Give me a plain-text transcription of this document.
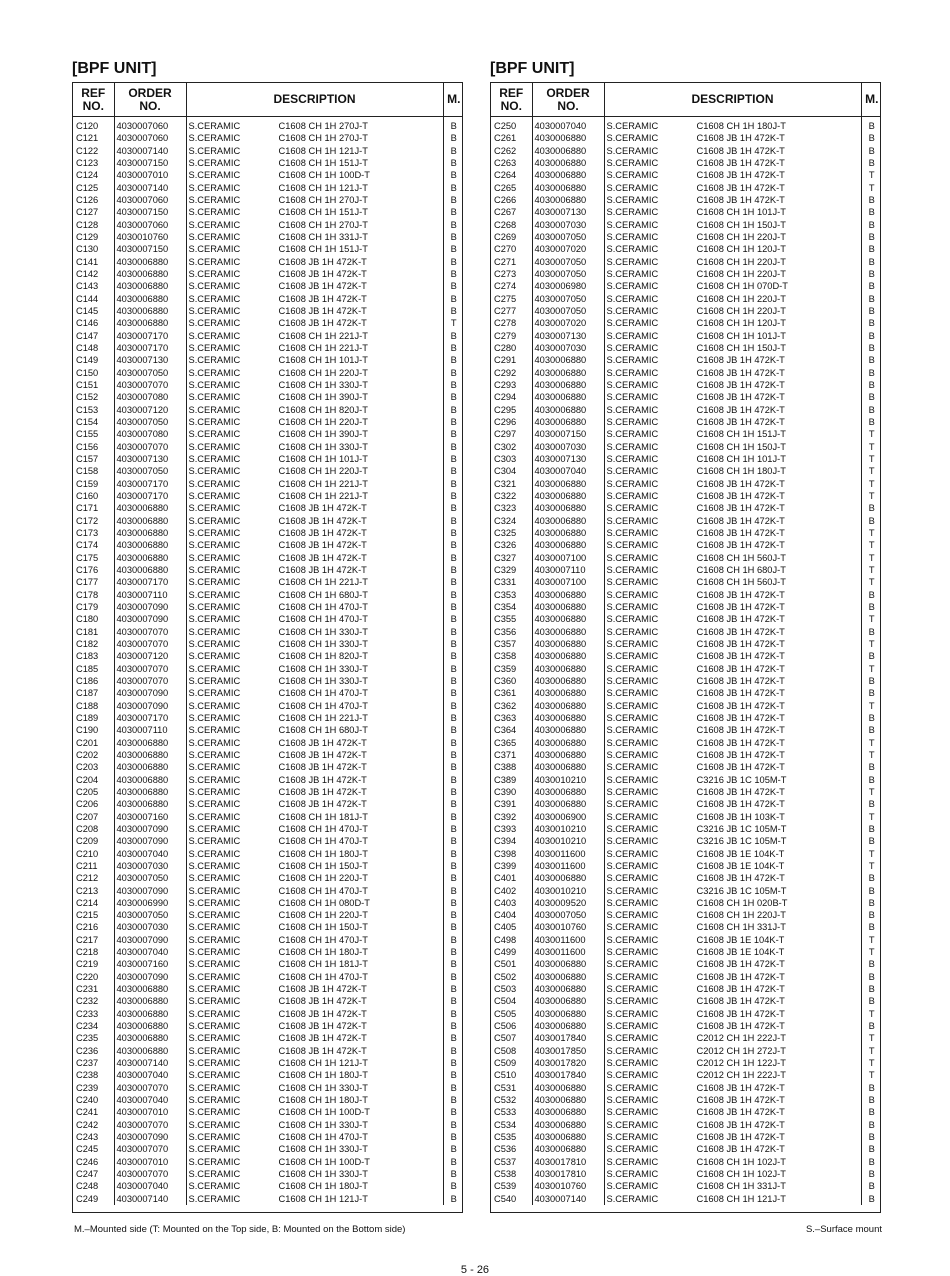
[BPF UNIT]	[BPF UNIT]
REF
NO.	ORDER
NO.	DESCRIPTION	M.
C120	4030007060	S.CERAMIC C1608 CH 1H 270J-T	B
C121	4030007060	S.CERAMIC C1608 CH 1H 270J-T	B
C122	4030007140	S.CERAMIC C1608 CH 1H 121J-T	B
C123	4030007150	S.CERAMIC C1608 CH 1H 151J-T	B
C124	4030007010	S.CERAMIC C1608 CH 1H 100D-T	B
C125	4030007140	S.CERAMIC C1608 CH 1H 121J-T	B
C126	4030007060	S.CERAMIC C1608 CH 1H 270J-T	B
C127	4030007150	S.CERAMIC C1608 CH 1H 151J-T	B
C128	4030007060	S.CERAMIC C1608 CH 1H 270J-T	B
C129	4030010760	S.CERAMIC C1608 CH 1H 331J-T	B
C130	4030007150	S.CERAMIC C1608 CH 1H 151J-T	B
C141	4030006880	S.CERAMIC C1608 JB 1H 472K-T	B
C142	4030006880	S.CERAMIC C1608 JB 1H 472K-T	B
C143	4030006880	S.CERAMIC C1608 JB 1H 472K-T	B
C144	4030006880	S.CERAMIC C1608 JB 1H 472K-T	B
C145	4030006880	S.CERAMIC C1608 JB 1H 472K-T	B
C146	4030006880	S.CERAMIC C1608 JB 1H 472K-T	T
C147	4030007170	S.CERAMIC C1608 CH 1H 221J-T	B
C148	4030007170	S.CERAMIC C1608 CH 1H 221J-T	B
C149	4030007130	S.CERAMIC C1608 CH 1H 101J-T	B
C150	4030007050	S.CERAMIC C1608 CH 1H 220J-T	B
C151	4030007070	S.CERAMIC C1608 CH 1H 330J-T	B
C152	4030007080	S.CERAMIC C1608 CH 1H 390J-T	B
C153	4030007120	S.CERAMIC C1608 CH 1H 820J-T	B
C154	4030007050	S.CERAMIC C1608 CH 1H 220J-T	B
C155	4030007080	S.CERAMIC C1608 CH 1H 390J-T	B
C156	4030007070	S.CERAMIC C1608 CH 1H 330J-T	B
C157	4030007130	S.CERAMIC C1608 CH 1H 101J-T	B
C158	4030007050	S.CERAMIC C1608 CH 1H 220J-T	B
C159	4030007170	S.CERAMIC C1608 CH 1H 221J-T	B
C160	4030007170	S.CERAMIC C1608 CH 1H 221J-T	B
C171	4030006880	S.CERAMIC C1608 JB 1H 472K-T	B
C172	4030006880	S.CERAMIC C1608 JB 1H 472K-T	B
C173	4030006880	S.CERAMIC C1608 JB 1H 472K-T	B
C174	4030006880	S.CERAMIC C1608 JB 1H 472K-T	B
C175	4030006880	S.CERAMIC C1608 JB 1H 472K-T	B
C176	4030006880	S.CERAMIC C1608 JB 1H 472K-T	B
C177	4030007170	S.CERAMIC C1608 CH 1H 221J-T	B
C178	4030007110	S.CERAMIC C1608 CH 1H 680J-T	B
C179	4030007090	S.CERAMIC C1608 CH 1H 470J-T	B
C180	4030007090	S.CERAMIC C1608 CH 1H 470J-T	B
C181	4030007070	S.CERAMIC C1608 CH 1H 330J-T	B
C182	4030007070	S.CERAMIC C1608 CH 1H 330J-T	B
C183	4030007120	S.CERAMIC C1608 CH 1H 820J-T	B
C185	4030007070	S.CERAMIC C1608 CH 1H 330J-T	B
C186	4030007070	S.CERAMIC C1608 CH 1H 330J-T	B
C187	4030007090	S.CERAMIC C1608 CH 1H 470J-T	B
C188	4030007090	S.CERAMIC C1608 CH 1H 470J-T	B
C189	4030007170	S.CERAMIC C1608 CH 1H 221J-T	B
C190	4030007110	S.CERAMIC C1608 CH 1H 680J-T	B
C201	4030006880	S.CERAMIC C1608 JB 1H 472K-T	B
C202	4030006880	S.CERAMIC C1608 JB 1H 472K-T	B
C203	4030006880	S.CERAMIC C1608 JB 1H 472K-T	B
C204	4030006880	S.CERAMIC C1608 JB 1H 472K-T	B
C205	4030006880	S.CERAMIC C1608 JB 1H 472K-T	B
C206	4030006880	S.CERAMIC C1608 JB 1H 472K-T	B
C207	4030007160	S.CERAMIC C1608 CH 1H 181J-T	B
C208	4030007090	S.CERAMIC C1608 CH 1H 470J-T	B
C209	4030007090	S.CERAMIC C1608 CH 1H 470J-T	B
C210	4030007040	S.CERAMIC C1608 CH 1H 180J-T	B
C211	4030007030	S.CERAMIC C1608 CH 1H 150J-T	B
C212	4030007050	S.CERAMIC C1608 CH 1H 220J-T	B
C213	4030007090	S.CERAMIC C1608 CH 1H 470J-T	B
C214	4030006990	S.CERAMIC C1608 CH 1H 080D-T	B
C215	4030007050	S.CERAMIC C1608 CH 1H 220J-T	B
C216	4030007030	S.CERAMIC C1608 CH 1H 150J-T	B
C217	4030007090	S.CERAMIC C1608 CH 1H 470J-T	B
C218	4030007040	S.CERAMIC C1608 CH 1H 180J-T	B
C219	4030007160	S.CERAMIC C1608 CH 1H 181J-T	B
C220	4030007090	S.CERAMIC C1608 CH 1H 470J-T	B
C231	4030006880	S.CERAMIC C1608 JB 1H 472K-T	B
C232	4030006880	S.CERAMIC C1608 JB 1H 472K-T	B
C233	4030006880	S.CERAMIC C1608 JB 1H 472K-T	B
C234	4030006880	S.CERAMIC C1608 JB 1H 472K-T	B
C235	4030006880	S.CERAMIC C1608 JB 1H 472K-T	B
C236	4030006880	S.CERAMIC C1608 JB 1H 472K-T	B
C237	4030007140	S.CERAMIC C1608 CH 1H 121J-T	B
C238	4030007040	S.CERAMIC C1608 CH 1H 180J-T	B
C239	4030007070	S.CERAMIC C1608 CH 1H 330J-T	B
C240	4030007040	S.CERAMIC C1608 CH 1H 180J-T	B
C241	4030007010	S.CERAMIC C1608 CH 1H 100D-T	B
C242	4030007070	S.CERAMIC C1608 CH 1H 330J-T	B
C243	4030007090	S.CERAMIC C1608 CH 1H 470J-T	B
C245	4030007070	S.CERAMIC C1608 CH 1H 330J-T	B
C246	4030007010	S.CERAMIC C1608 CH 1H 100D-T	B
C247	4030007070	S.CERAMIC C1608 CH 1H 330J-T	B
C248	4030007040	S.CERAMIC C1608 CH 1H 180J-T	B
C249	4030007140	S.CERAMIC C1608 CH 1H 121J-T	B
REF
NO.	ORDER
NO.	DESCRIPTION	M.
C250	4030007040	S.CERAMIC C1608 CH 1H 180J-T	B
C261	4030006880	S.CERAMIC C1608 JB 1H 472K-T	B
C262	4030006880	S.CERAMIC C1608 JB 1H 472K-T	B
C263	4030006880	S.CERAMIC C1608 JB 1H 472K-T	B
C264	4030006880	S.CERAMIC C1608 JB 1H 472K-T	T
C265	4030006880	S.CERAMIC C1608 JB 1H 472K-T	T
C266	4030006880	S.CERAMIC C1608 JB 1H 472K-T	B
C267	4030007130	S.CERAMIC C1608 CH 1H 101J-T	B
C268	4030007030	S.CERAMIC C1608 CH 1H 150J-T	B
C269	4030007050	S.CERAMIC C1608 CH 1H 220J-T	B
C270	4030007020	S.CERAMIC C1608 CH 1H 120J-T	B
C271	4030007050	S.CERAMIC C1608 CH 1H 220J-T	B
C273	4030007050	S.CERAMIC C1608 CH 1H 220J-T	B
C274	4030006980	S.CERAMIC C1608 CH 1H 070D-T	B
C275	4030007050	S.CERAMIC C1608 CH 1H 220J-T	B
C277	4030007050	S.CERAMIC C1608 CH 1H 220J-T	B
C278	4030007020	S.CERAMIC C1608 CH 1H 120J-T	B
C279	4030007130	S.CERAMIC C1608 CH 1H 101J-T	B
C280	4030007030	S.CERAMIC C1608 CH 1H 150J-T	B
C291	4030006880	S.CERAMIC C1608 JB 1H 472K-T	B
C292	4030006880	S.CERAMIC C1608 JB 1H 472K-T	B
C293	4030006880	S.CERAMIC C1608 JB 1H 472K-T	B
C294	4030006880	S.CERAMIC C1608 JB 1H 472K-T	B
C295	4030006880	S.CERAMIC C1608 JB 1H 472K-T	B
C296	4030006880	S.CERAMIC C1608 JB 1H 472K-T	B
C297	4030007150	S.CERAMIC C1608 CH 1H 151J-T	T
C302	4030007030	S.CERAMIC C1608 CH 1H 150J-T	T
C303	4030007130	S.CERAMIC C1608 CH 1H 101J-T	T
C304	4030007040	S.CERAMIC C1608 CH 1H 180J-T	T
C321	4030006880	S.CERAMIC C1608 JB 1H 472K-T	T
C322	4030006880	S.CERAMIC C1608 JB 1H 472K-T	T
C323	4030006880	S.CERAMIC C1608 JB 1H 472K-T	B
C324	4030006880	S.CERAMIC C1608 JB 1H 472K-T	B
C325	4030006880	S.CERAMIC C1608 JB 1H 472K-T	T
C326	4030006880	S.CERAMIC C1608 JB 1H 472K-T	T
C327	4030007100	S.CERAMIC C1608 CH 1H 560J-T	T
C329	4030007110	S.CERAMIC C1608 CH 1H 680J-T	T
C331	4030007100	S.CERAMIC C1608 CH 1H 560J-T	T
C353	4030006880	S.CERAMIC C1608 JB 1H 472K-T	B
C354	4030006880	S.CERAMIC C1608 JB 1H 472K-T	B
C355	4030006880	S.CERAMIC C1608 JB 1H 472K-T	T
C356	4030006880	S.CERAMIC C1608 JB 1H 472K-T	B
C357	4030006880	S.CERAMIC C1608 JB 1H 472K-T	T
C358	4030006880	S.CERAMIC C1608 JB 1H 472K-T	B
C359	4030006880	S.CERAMIC C1608 JB 1H 472K-T	T
C360	4030006880	S.CERAMIC C1608 JB 1H 472K-T	B
C361	4030006880	S.CERAMIC C1608 JB 1H 472K-T	B
C362	4030006880	S.CERAMIC C1608 JB 1H 472K-T	T
C363	4030006880	S.CERAMIC C1608 JB 1H 472K-T	B
C364	4030006880	S.CERAMIC C1608 JB 1H 472K-T	B
C365	4030006880	S.CERAMIC C1608 JB 1H 472K-T	T
C371	4030006880	S.CERAMIC C1608 JB 1H 472K-T	T
C388	4030006880	S.CERAMIC C1608 JB 1H 472K-T	B
C389	4030010210	S.CERAMIC C3216 JB 1C 105M-T	B
C390	4030006880	S.CERAMIC C1608 JB 1H 472K-T	T
C391	4030006880	S.CERAMIC C1608 JB 1H 472K-T	B
C392	4030006900	S.CERAMIC C1608 JB 1H 103K-T	T
C393	4030010210	S.CERAMIC C3216 JB 1C 105M-T	B
C394	4030010210	S.CERAMIC C3216 JB 1C 105M-T	B
C398	4030011600	S.CERAMIC C1608 JB 1E 104K-T	T
C399	4030011600	S.CERAMIC C1608 JB 1E 104K-T	T
C401	4030006880	S.CERAMIC C1608 JB 1H 472K-T	B
C402	4030010210	S.CERAMIC C3216 JB 1C 105M-T	B
C403	4030009520	S.CERAMIC C1608 CH 1H 020B-T	B
C404	4030007050	S.CERAMIC C1608 CH 1H 220J-T	B
C405	4030010760	S.CERAMIC C1608 CH 1H 331J-T	B
C498	4030011600	S.CERAMIC C1608 JB 1E 104K-T	T
C499	4030011600	S.CERAMIC C1608 JB 1E 104K-T	T
C501	4030006880	S.CERAMIC C1608 JB 1H 472K-T	B
C502	4030006880	S.CERAMIC C1608 JB 1H 472K-T	B
C503	4030006880	S.CERAMIC C1608 JB 1H 472K-T	B
C504	4030006880	S.CERAMIC C1608 JB 1H 472K-T	B
C505	4030006880	S.CERAMIC C1608 JB 1H 472K-T	T
C506	4030006880	S.CERAMIC C1608 JB 1H 472K-T	B
C507	4030017840	S.CERAMIC C2012 CH 1H 222J-T	T
C508	4030017850	S.CERAMIC C2012 CH 1H 272J-T	T
C509	4030017820	S.CERAMIC C2012 CH 1H 122J-T	T
C510	4030017840	S.CERAMIC C2012 CH 1H 222J-T	T
C531	4030006880	S.CERAMIC C1608 JB 1H 472K-T	B
C532	4030006880	S.CERAMIC C1608 JB 1H 472K-T	B
C533	4030006880	S.CERAMIC C1608 JB 1H 472K-T	B
C534	4030006880	S.CERAMIC C1608 JB 1H 472K-T	B
C535	4030006880	S.CERAMIC C1608 JB 1H 472K-T	B
C536	4030006880	S.CERAMIC C1608 JB 1H 472K-T	B
C537	4030017810	S.CERAMIC C1608 CH 1H 102J-T	B
C538	4030017810	S.CERAMIC C1608 CH 1H 102J-T	B
C539	4030010760	S.CERAMIC C1608 CH 1H 331J-T	B
C540	4030007140	S.CERAMIC C1608 CH 1H 121J-T	B
M.–Mounted side (T: Mounted on the Top side, B: Mounted on the Bottom side)	S.–Surface mount
5 - 26
